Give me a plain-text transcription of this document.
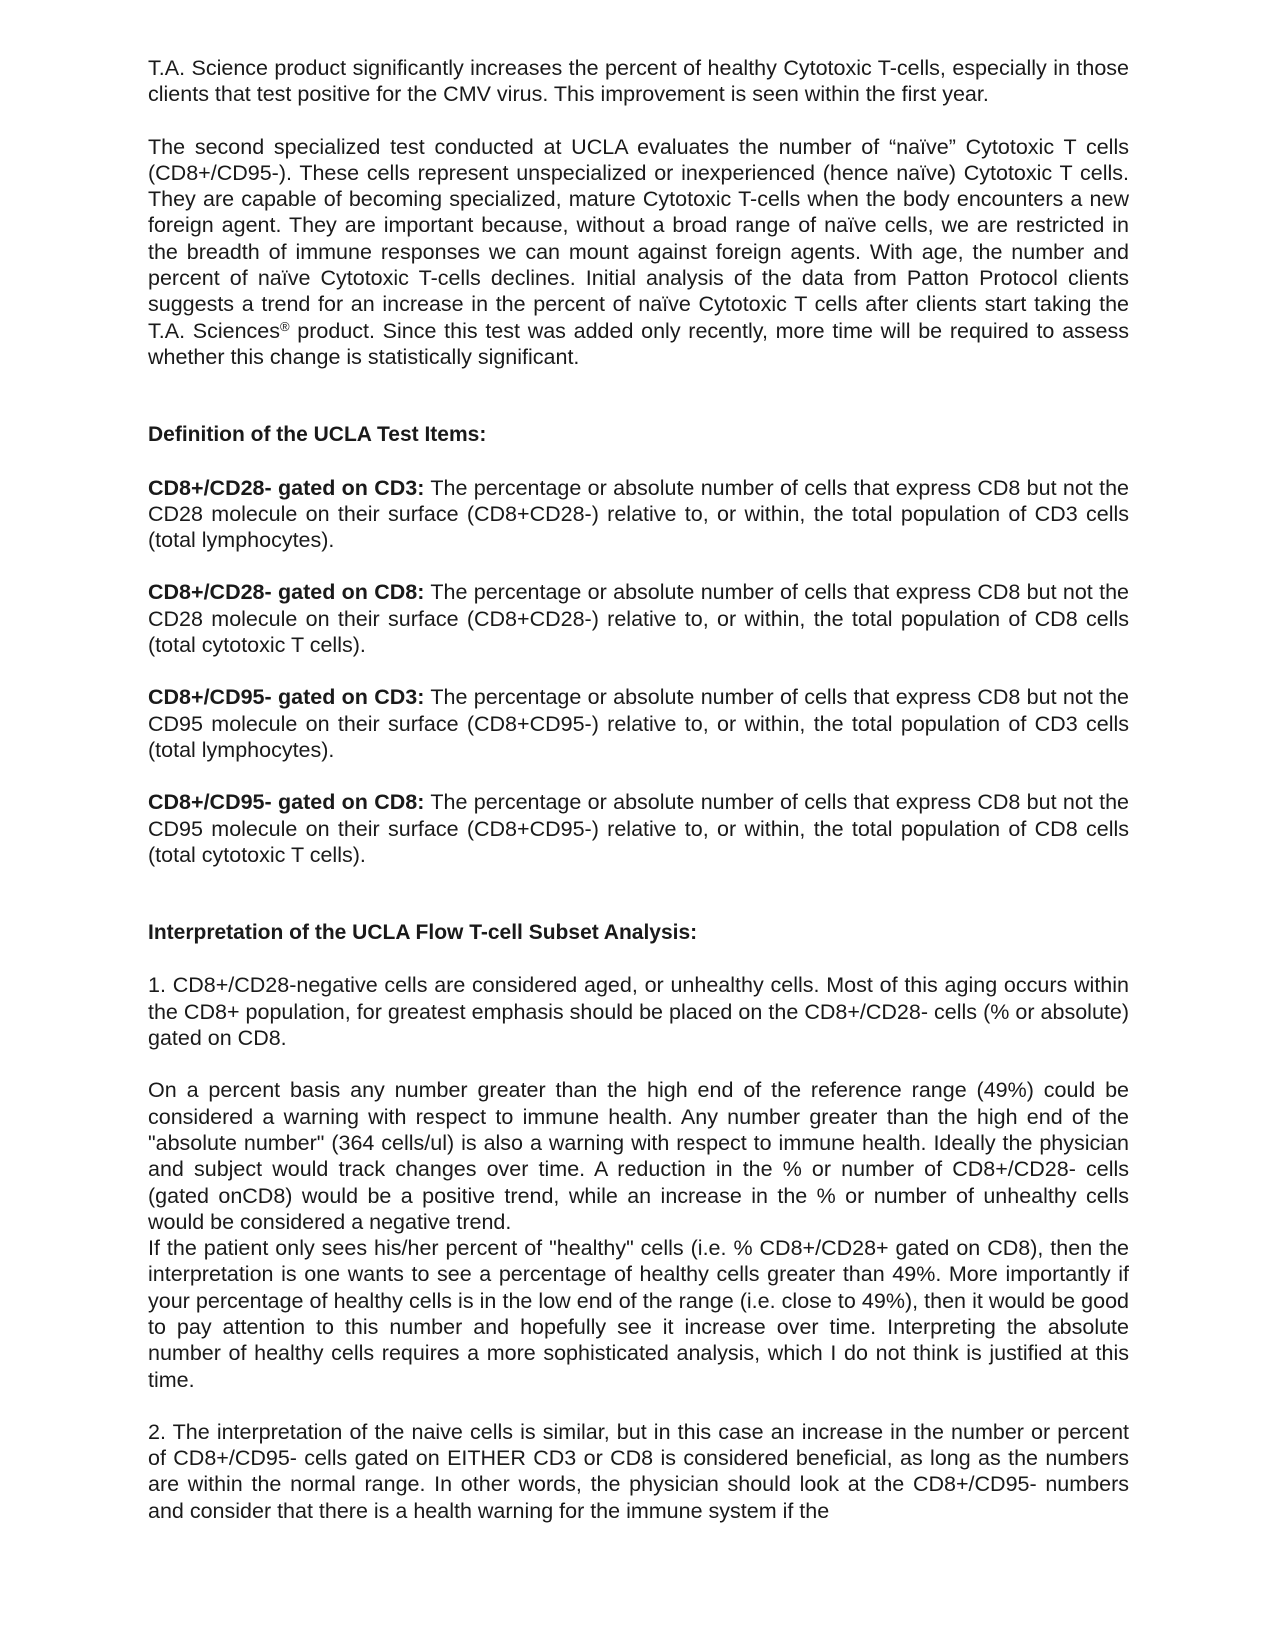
T.A. Science product significantly increases the percent of healthy Cytotoxic T-cells, especially in those clients that test positive for the CMV virus. This improvement is seen within the first year.

The second specialized test conducted at UCLA evaluates the number of “naïve” Cytotoxic T cells (CD8+/CD95-). These cells represent unspecialized or inexperienced (hence naïve) Cytotoxic T cells. They are capable of becoming specialized, mature Cytotoxic T-cells when the body encounters a new foreign agent. They are important because, without a broad range of naïve cells, we are restricted in the breadth of immune responses we can mount against foreign agents. With age, the number and percent of naïve Cytotoxic T-cells declines. Initial analysis of the data from Patton Protocol clients suggests a trend for an increase in the percent of naïve Cytotoxic T cells after clients start taking the T.A. Sciences® product. Since this test was added only recently, more time will be required to assess whether this change is statistically significant.

Definition of the UCLA Test Items:

CD8+/CD28- gated on CD3: The percentage or absolute number of cells that express CD8 but not the CD28 molecule on their surface (CD8+CD28-) relative to, or within, the total population of CD3 cells (total lymphocytes).

CD8+/CD28- gated on CD8: The percentage or absolute number of cells that express CD8 but not the CD28 molecule on their surface (CD8+CD28-) relative to, or within, the total population of CD8 cells (total cytotoxic T cells).

CD8+/CD95- gated on CD3: The percentage or absolute number of cells that express CD8 but not the CD95 molecule on their surface (CD8+CD95-) relative to, or within, the total population of CD3 cells (total lymphocytes).

CD8+/CD95- gated on CD8: The percentage or absolute number of cells that express CD8 but not the CD95 molecule on their surface (CD8+CD95-) relative to, or within, the total population of CD8 cells (total cytotoxic T cells).

Interpretation of the UCLA Flow T-cell Subset Analysis:

1. CD8+/CD28-negative cells are considered aged, or unhealthy cells. Most of this aging occurs within the CD8+ population, for greatest emphasis should be placed on the CD8+/CD28- cells (% or absolute) gated on CD8.

On a percent basis any number greater than the high end of the reference range (49%) could be considered a warning with respect to immune health. Any number greater than the high end of the "absolute number" (364 cells/ul) is also a warning with respect to immune health. Ideally the physician and subject would track changes over time. A reduction in the % or number of CD8+/CD28- cells (gated onCD8) would be a positive trend, while an increase in the % or number of unhealthy cells would be considered a negative trend.

If the patient only sees his/her percent of "healthy" cells (i.e. % CD8+/CD28+ gated on CD8), then the interpretation is one wants to see a percentage of healthy cells greater than 49%. More importantly if your percentage of healthy cells is in the low end of the range (i.e. close to 49%), then it would be good to pay attention to this number and hopefully see it increase over time. Interpreting the absolute number of healthy cells requires a more sophisticated analysis, which I do not think is justified at this time.

2. The interpretation of the naive cells is similar, but in this case an increase in the number or percent of CD8+/CD95- cells gated on EITHER CD3 or CD8 is considered beneficial, as long as the numbers are within the normal range. In other words, the physician should look at the CD8+/CD95- numbers and consider that there is a health warning for the immune system if the
